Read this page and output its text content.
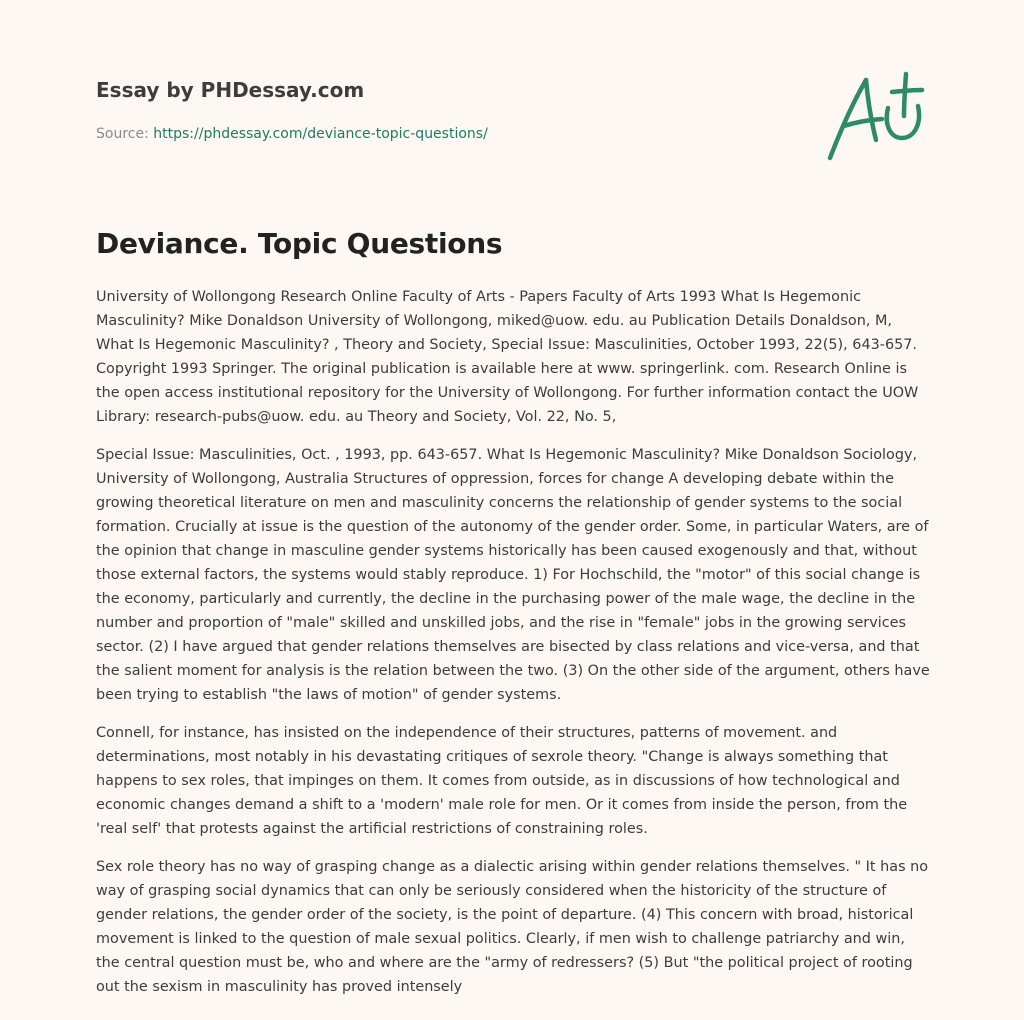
Essay by PHDessay.com
Source: https://phdessay.com/deviance-topic-questions/
Deviance. Topic Questions

University of Wollongong Research Online Faculty of Arts - Papers Faculty of Arts 1993 What Is Hegemonic Masculinity? Mike Donaldson University of Wollongong, miked@uow. edu. au Publication Details Donaldson, M, What Is Hegemonic Masculinity? , Theory and Society, Special Issue: Masculinities, October 1993, 22(5), 643-657. Copyright 1993 Springer. The original publication is available here at www. springerlink. com. Research Online is the open access institutional repository for the University of Wollongong. For further information contact the UOW Library: research-pubs@uow. edu. au Theory and Society, Vol. 22, No. 5,

Special Issue: Masculinities, Oct. , 1993, pp. 643-657. What Is Hegemonic Masculinity? Mike Donaldson Sociology, University of Wollongong, Australia Structures of oppression, forces for change A developing debate within the growing theoretical literature on men and masculinity concerns the relationship of gender systems to the social formation. Crucially at issue is the question of the autonomy of the gender order. Some, in particular Waters, are of the opinion that change in masculine gender systems historically has been caused exogenously and that, without those external factors, the systems would stably reproduce. 1) For Hochschild, the "motor" of this social change is the economy, particularly and currently, the decline in the purchasing power of the male wage, the decline in the number and proportion of "male" skilled and unskilled jobs, and the rise in "female" jobs in the growing services sector. (2) I have argued that gender relations themselves are bisected by class relations and vice-versa, and that the salient moment for analysis is the relation between the two. (3) On the other side of the argument, others have been trying to establish "the laws of motion" of gender systems.

Connell, for instance, has insisted on the independence of their structures, patterns of movement. and determinations, most notably in his devastating critiques of sexrole theory. "Change is always something that happens to sex roles, that impinges on them. It comes from outside, as in discussions of how technological and economic changes demand a shift to a 'modern' male role for men. Or it comes from inside the person, from the 'real self' that protests against the artificial restrictions of constraining roles.

Sex role theory has no way of grasping change as a dialectic arising within gender relations themselves. " It has no way of grasping social dynamics that can only be seriously considered when the historicity of the structure of gender relations, the gender order of the society, is the point of departure. (4) This concern with broad, historical movement is linked to the question of male sexual politics. Clearly, if men wish to challenge patriarchy and win, the central question must be, who and where are the "army of redressers? (5) But "the political project of rooting out the sexism in masculinity has proved intensely
